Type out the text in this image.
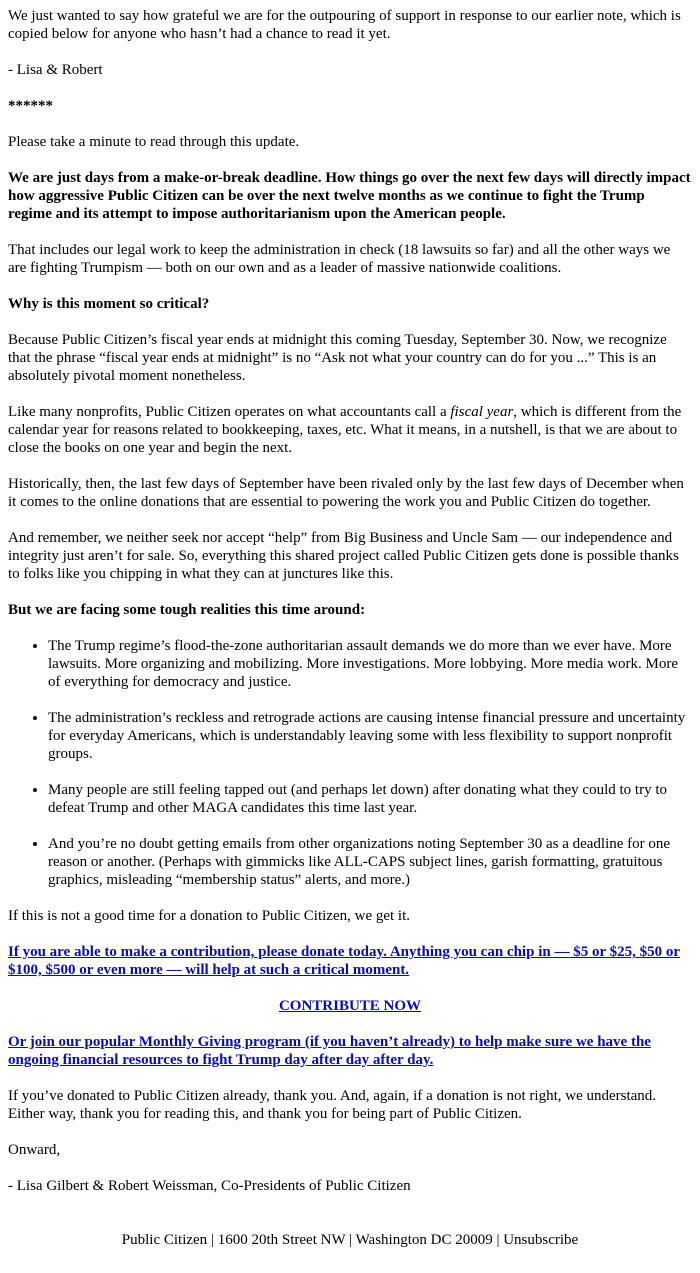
We just wanted to say how grateful we are for the outpouring of support in response to our earlier note, which is copied below for anyone who hasn’t had a chance to read it yet.

- Lisa & Robert

******

Please take a minute to read through this update.

We are just days from a make-or-break deadline. How things go over the next few days will directly impact how aggressive Public Citizen can be over the next twelve months as we continue to fight the Trump regime and its attempt to impose authoritarianism upon the American people.

That includes our legal work to keep the administration in check (18 lawsuits so far) and all the other ways we are fighting Trumpism — both on our own and as a leader of massive nationwide coalitions.

Why is this moment so critical?

Because Public Citizen’s fiscal year ends at midnight this coming Tuesday, September 30. Now, we recognize that the phrase “fiscal year ends at midnight” is no “Ask not what your country can do for you ...” This is an absolutely pivotal moment nonetheless.

Like many nonprofits, Public Citizen operates on what accountants call a fiscal year, which is different from the calendar year for reasons related to bookkeeping, taxes, etc. What it means, in a nutshell, is that we are about to close the books on one year and begin the next.

Historically, then, the last few days of September have been rivaled only by the last few days of December when it comes to the online donations that are essential to powering the work you and Public Citizen do together.

And remember, we neither seek nor accept “help” from Big Business and Uncle Sam — our independence and integrity just aren’t for sale. So, everything this shared project called Public Citizen gets done is possible thanks to folks like you chipping in what they can at junctures like this.

But we are facing some tough realities this time around:

• The Trump regime’s flood-the-zone authoritarian assault demands we do more than we ever have. More lawsuits. More organizing and mobilizing. More investigations. More lobbying. More media work. More of everything for democracy and justice.
• The administration’s reckless and retrograde actions are causing intense financial pressure and uncertainty for everyday Americans, which is understandably leaving some with less flexibility to support nonprofit groups.
• Many people are still feeling tapped out (and perhaps let down) after donating what they could to try to defeat Trump and other MAGA candidates this time last year.
• And you’re no doubt getting emails from other organizations noting September 30 as a deadline for one reason or another. (Perhaps with gimmicks like ALL-CAPS subject lines, garish formatting, gratuitous graphics, misleading “membership status” alerts, and more.)

If this is not a good time for a donation to Public Citizen, we get it.

If you are able to make a contribution, please donate today. Anything you can chip in — $5 or $25, $50 or $100, $500 or even more — will help at such a critical moment.

CONTRIBUTE NOW

Or join our popular Monthly Giving program (if you haven’t already) to help make sure we have the ongoing financial resources to fight Trump day after day after day.

If you’ve donated to Public Citizen already, thank you. And, again, if a donation is not right, we understand. Either way, thank you for reading this, and thank you for being part of Public Citizen.

Onward,

- Lisa Gilbert & Robert Weissman, Co-Presidents of Public Citizen

Public Citizen | 1600 20th Street NW | Washington DC 20009 | Unsubscribe
